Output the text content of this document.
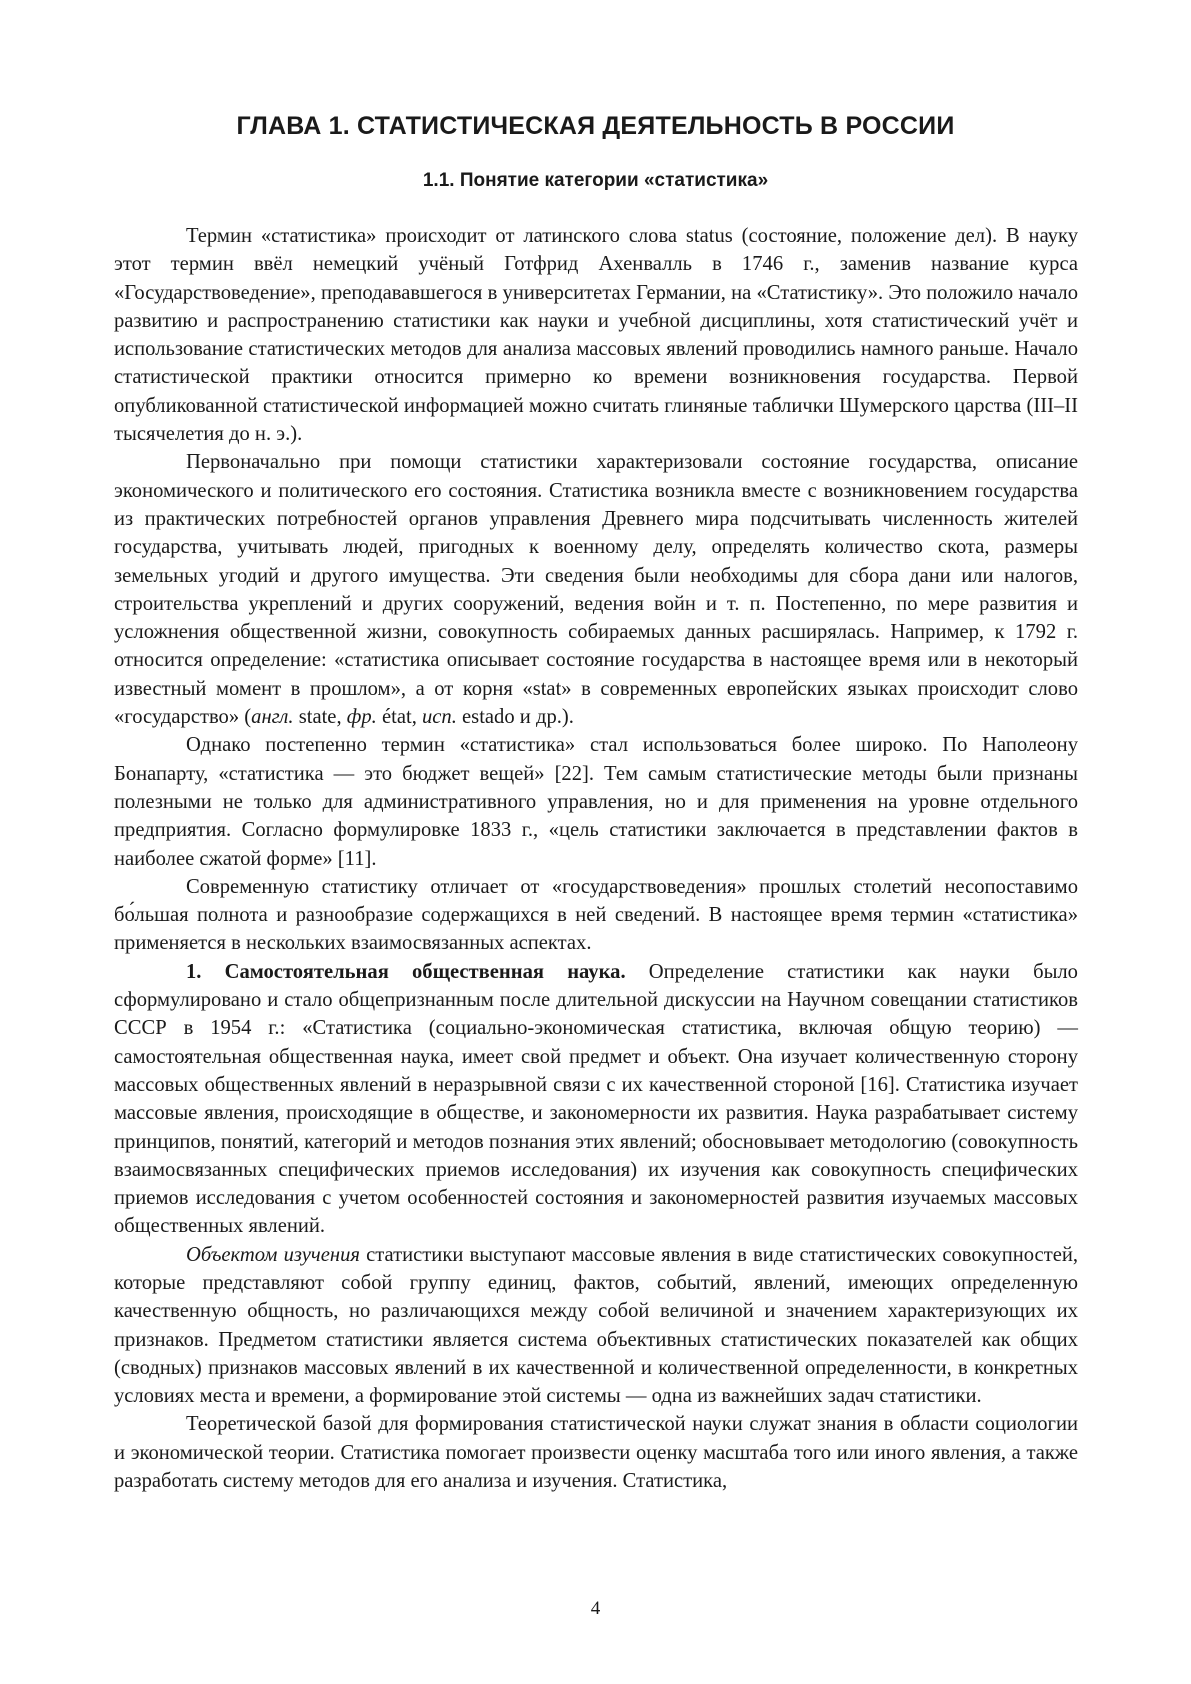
ГЛАВА 1. СТАТИСТИЧЕСКАЯ ДЕЯТЕЛЬНОСТЬ В РОССИИ
1.1. Понятие категории «статистика»

Термин «статистика» происходит от латинского слова status (состояние, положение дел). В науку этот термин ввёл немецкий учёный Готфрид Ахенвалль в 1746 г., заменив название курса «Государствоведение», преподававшегося в университетах Германии, на «Статистику». Это положило начало развитию и распространению статистики как науки и учебной дисциплины, хотя статистический учёт и использование статистических методов для анализа массовых явлений проводились намного раньше. Начало статистической практики относится примерно ко времени возникновения государства. Первой опубликованной статистической информацией можно считать глиняные таблички Шумерского царства (III–II тысячелетия до н. э.).

Первоначально при помощи статистики характеризовали состояние государства, описание экономического и политического его состояния. Статистика возникла вместе с возникновением государства из практических потребностей органов управления Древнего мира подсчитывать численность жителей государства, учитывать людей, пригодных к военному делу, определять количество скота, размеры земельных угодий и другого имущества. Эти сведения были необходимы для сбора дани или налогов, строительства укреплений и других сооружений, ведения войн и т. п. Постепенно, по мере развития и усложнения общественной жизни, совокупность собираемых данных расширялась. Например, к 1792 г. относится определение: «статистика описывает состояние государства в настоящее время или в некоторый известный момент в прошлом», а от корня «stat» в современных европейских языках происходит слово «государство» (англ. state, фр. état, исп. estado и др.).

Однако постепенно термин «статистика» стал использоваться более широко. По Наполеону Бонапарту, «статистика — это бюджет вещей» [22]. Тем самым статистические методы были признаны полезными не только для административного управления, но и для применения на уровне отдельного предприятия. Согласно формулировке 1833 г., «цель статистики заключается в представлении фактов в наиболее сжатой форме» [11].

Современную статистику отличает от «государствоведения» прошлых столетий несопоставимо бо́льшая полнота и разнообразие содержащихся в ней сведений. В настоящее время термин «статистика» применяется в нескольких взаимосвязанных аспектах.

1. Самостоятельная общественная наука. Определение статистики как науки было сформулировано и стало общепризнанным после длительной дискуссии на Научном совещании статистиков СССР в 1954 г.: «Статистика (социально-экономическая статистика, включая общую теорию) — самостоятельная общественная наука, имеет свой предмет и объект. Она изучает количественную сторону массовых общественных явлений в неразрывной связи с их качественной стороной [16]. Статистика изучает массовые явления, происходящие в обществе, и закономерности их развития. Наука разрабатывает систему принципов, понятий, категорий и методов познания этих явлений; обосновывает методологию (совокупность взаимосвязанных специфических приемов исследования) их изучения как совокупность специфических приемов исследования с учетом особенностей состояния и закономерностей развития изучаемых массовых общественных явлений.

Объектом изучения статистики выступают массовые явления в виде статистических совокупностей, которые представляют собой группу единиц, фактов, событий, явлений, имеющих определенную качественную общность, но различающихся между собой величиной и значением характеризующих их признаков. Предметом статистики является система объективных статистических показателей как общих (сводных) признаков массовых явлений в их качественной и количественной определенности, в конкретных условиях места и времени, а формирование этой системы — одна из важнейших задач статистики.

Теоретической базой для формирования статистической науки служат знания в области социологии и экономической теории. Статистика помогает произвести оценку масштаба того или иного явления, а также разработать систему методов для его анализа и изучения. Статистика,

4
